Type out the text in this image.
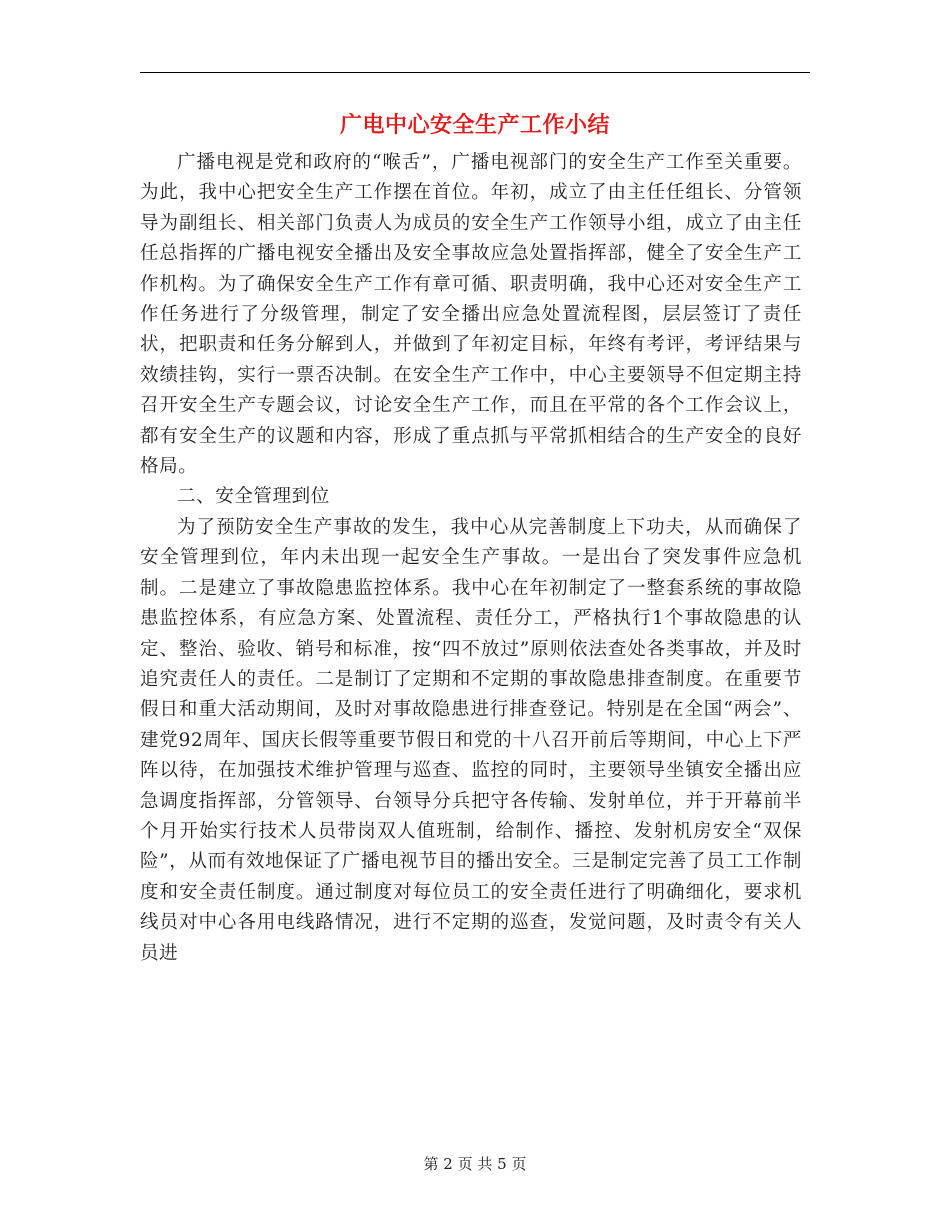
广电中心安全生产工作小结

广播电视是党和政府的“喉舌”，广播电视部门的安全生产工作至关重要。为此，我中心把安全生产工作摆在首位。年初，成立了由主任任组长、分管领导为副组长、相关部门负责人为成员的安全生产工作领导小组，成立了由主任任总指挥的广播电视安全播出及安全事故应急处置指挥部，健全了安全生产工作机构。为了确保安全生产工作有章可循、职责明确，我中心还对安全生产工作任务进行了分级管理，制定了安全播出应急处置流程图，层层签订了责任状，把职责和任务分解到人，并做到了年初定目标，年终有考评，考评结果与效绩挂钩，实行一票否决制。在安全生产工作中，中心主要领导不但定期主持召开安全生产专题会议，讨论安全生产工作，而且在平常的各个工作会议上，都有安全生产的议题和内容，形成了重点抓与平常抓相结合的生产安全的良好格局。

二、安全管理到位

为了预防安全生产事故的发生，我中心从完善制度上下功夫，从而确保了安全管理到位，年内未出现一起安全生产事故。一是出台了突发事件应急机制。二是建立了事故隐患监控体系。我中心在年初制定了一整套系统的事故隐患监控体系，有应急方案、处置流程、责任分工，严格执行1个事故隐患的认定、整治、验收、销号和标准，按“四不放过”原则依法查处各类事故，并及时追究责任人的责任。二是制订了定期和不定期的事故隐患排查制度。在重要节假日和重大活动期间，及时对事故隐患进行排查登记。特别是在全国“两会”、建党92周年、国庆长假等重要节假日和党的十八召开前后等期间，中心上下严阵以待，在加强技术维护管理与巡查、监控的同时，主要领导坐镇安全播出应急调度指挥部，分管领导、台领导分兵把守各传输、发射单位，并于开幕前半个月开始实行技术人员带岗双人值班制，给制作、播控、发射机房安全“双保险”，从而有效地保证了广播电视节目的播出安全。三是制定完善了员工工作制度和安全责任制度。通过制度对每位员工的安全责任进行了明确细化，要求机线员对中心各用电线路情况，进行不定期的巡查，发觉问题，及时责令有关人员进

第 2 页 共 5 页
